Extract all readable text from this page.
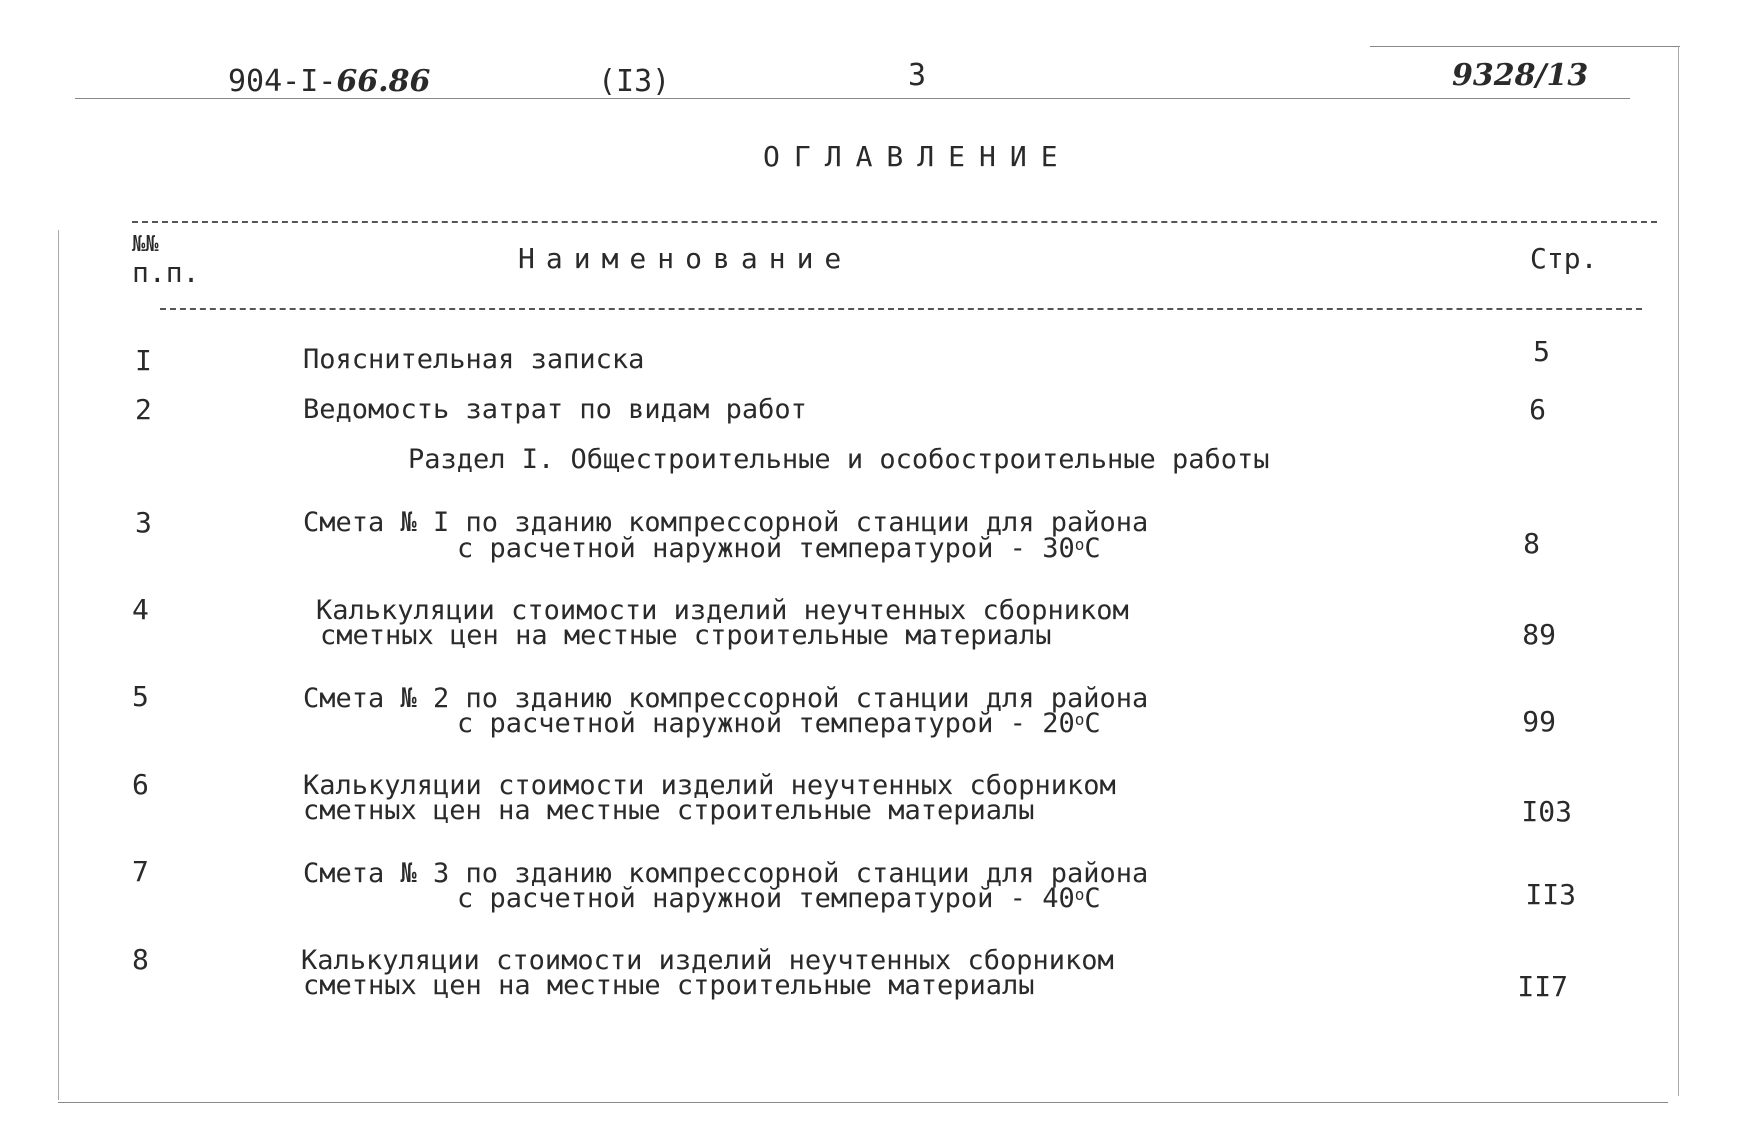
904-I-66.86	(I3)	3	9328/13
ОГЛАВЛЕНИЕ
№№
п.п.	Наименование	Стр.
I	Пояснительная записка	5
2	Ведомость затрат по видам работ	6
Раздел I. Общестроительные и особостроительные работы
3	Смета № I по зданию компрессорной станции для района
с расчетной наружной температурой - $30^оС$	8
4	Калькуляции стоимости изделий неучтенных сборником
сметных цен на местные строительные материалы	89
5	Смета № 2 по зданию компрессорной станции для района
с расчетной наружной температурой - $20^оС$	99
6	Калькуляции стоимости изделий неучтенных сборником
сметных цен на местные строительные материалы	I03
7	Смета № 3 по зданию компрессорной станции для района
с расчетной наружной температурой - $40^оС$	II3
8	Калькуляции стоимости изделий неучтенных сборником
сметных цен на местные строительные материалы	II7
